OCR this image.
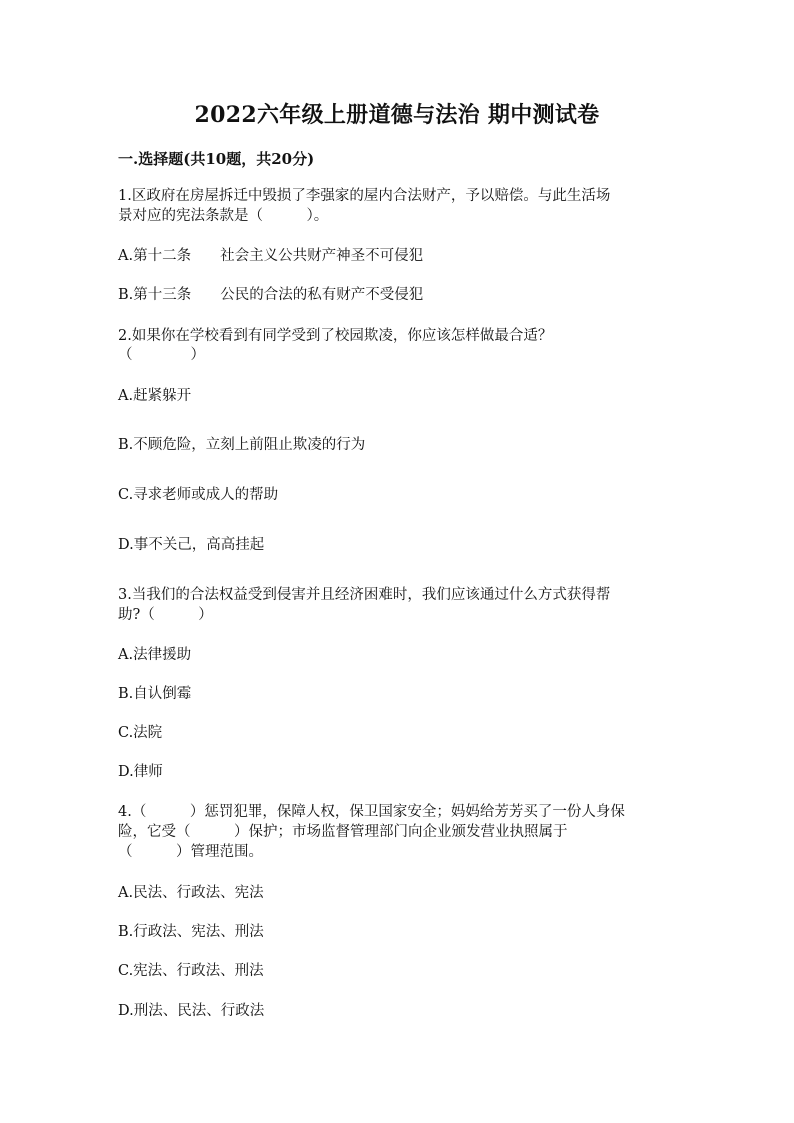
2022六年级上册道德与法治 期中测试卷
一.选择题(共10题，共20分)
1.区政府在房屋拆迁中毁损了李强家的屋内合法财产，予以赔偿。与此生活场
景对应的宪法条款是（　　　）。
A.第十二条　　社会主义公共财产神圣不可侵犯
B.第十三条　　公民的合法的私有财产不受侵犯
2.如果你在学校看到有同学受到了校园欺凌，你应该怎样做最合适？
（　　　　）
A.赶紧躲开
B.不顾危险，立刻上前阻止欺凌的行为
C.寻求老师或成人的帮助
D.事不关己，高高挂起
3.当我们的合法权益受到侵害并且经济困难时，我们应该通过什么方式获得帮
助?（　　　）
A.法律援助
B.自认倒霉
C.法院
D.律师
4.（　　　）惩罚犯罪，保障人权，保卫国家安全；妈妈给芳芳买了一份人身保
险，它受（　　　）保护；市场监督管理部门向企业颁发营业执照属于
（　　　）管理范围。
A.民法、行政法、宪法
B.行政法、宪法、刑法
C.宪法、行政法、刑法
D.刑法、民法、行政法
